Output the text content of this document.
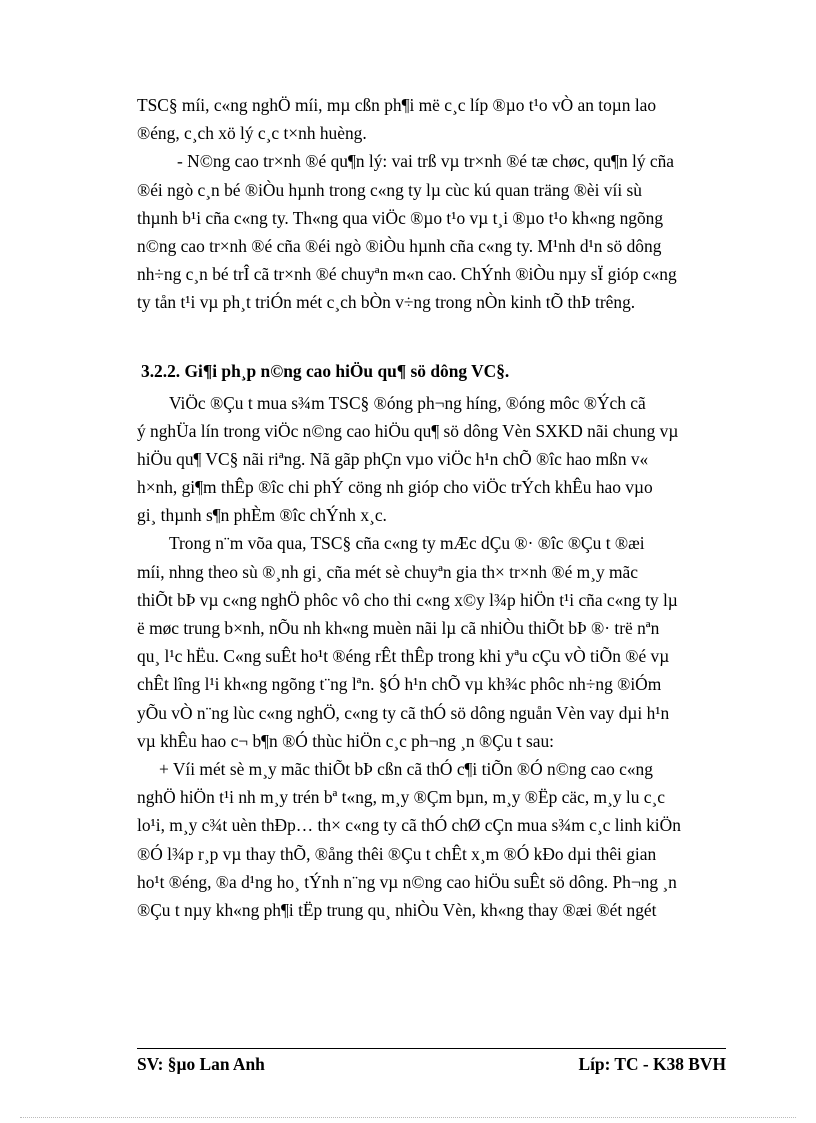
TSC§ míi, c«ng nghÖ míi, mµ cßn ph¶i më c¸c líp ®µo t¹o vÒ an toµn lao
®éng, c¸ch xö lý c¸c t×nh huèng.
- N©ng cao tr×nh ®é qu¶n lý: vai trß vµ tr×nh ®é tæ chøc, qu¶n lý cña
®éi ngò c¸n bé ®iÒu hµnh trong c«ng ty lµ cùc kú quan träng ®èi víi sù
thµnh b¹i cña c«ng ty. Th«ng qua viÖc ®µo t¹o vµ t¸i ®µo t¹o kh«ng ngõng
n©ng cao tr×nh ®é cña ®éi ngò ®iÒu hµnh cña c«ng ty. M¹nh d¹n sö dông
nh÷ng c¸n bé trÎ cã tr×nh ®é chuyªn m«n cao. ChÝnh ®iÒu nµy sÏ gióp c«ng
ty tån t¹i vµ ph¸t triÓn mét c¸ch bÒn v÷ng trong nÒn kinh tÕ thÞ trêng.
3.2.2. Gi¶i ph¸p n©ng cao hiÖu qu¶ sö dông VC§.
ViÖc ®Çu t mua s¾m TSC§ ®óng ph¬ng híng, ®óng môc ®Ých cã
ý nghÜa lín trong viÖc n©ng cao hiÖu qu¶ sö dông Vèn SXKD nãi chung vµ
hiÖu qu¶ VC§ nãi riªng. Nã gãp phÇn vµo viÖc h¹n chÕ ®îc hao mßn v«
h×nh, gi¶m thÊp ®îc chi phÝ cöng nh gióp cho viÖc trÝch khÊu hao vµo
gi¸ thµnh s¶n phÈm ®îc chÝnh x¸c.
Trong n¨m võa qua, TSC§ cña c«ng ty mÆc dÇu ®· ®îc ®Çu t ®æi
míi, nhng theo sù ®¸nh gi¸ cña mét sè chuyªn gia th× tr×nh ®é m¸y mãc
thiÕt bÞ vµ c«ng nghÖ phôc vô cho thi c«ng x©y l¾p hiÖn t¹i cña c«ng ty lµ
ë møc trung b×nh, nÕu nh kh«ng muèn nãi lµ cã nhiÒu thiÕt bÞ ®· trë nªn
qu¸ l¹c hËu. C«ng suÊt ho¹t ®éng rÊt thÊp trong khi yªu cÇu vÒ tiÕn ®é vµ
chÊt lîng l¹i kh«ng ngõng t¨ng lªn. §Ó h¹n chÕ vµ kh¾c phôc nh÷ng ®iÓm
yÕu vÒ n¨ng lùc c«ng nghÖ, c«ng ty cã thÓ sö dông nguån Vèn vay dµi h¹n
vµ khÊu hao c¬ b¶n ®Ó thùc hiÖn c¸c ph¬ng ¸n ®Çu t sau:
+ Víi mét sè m¸y mãc thiÕt bÞ cßn cã thÓ c¶i tiÕn ®Ó n©ng cao c«ng
nghÖ hiÖn t¹i nh m¸y trén bª t«ng, m¸y ®Çm bµn, m¸y ®Ëp cäc, m¸y lu c¸c
lo¹i, m¸y c¾t uèn thÐp… th× c«ng ty cã thÓ chØ cÇn mua s¾m c¸c linh kiÖn
®Ó l¾p r¸p vµ thay thÕ, ®ång thêi ®Çu t chÊt x¸m ®Ó kÐo dµi thêi gian
ho¹t ®éng, ®a d¹ng ho¸ tÝnh n¨ng vµ n©ng cao hiÖu suÊt sö dông. Ph¬ng ¸n
®Çu t nµy kh«ng ph¶i tËp trung qu¸ nhiÒu Vèn, kh«ng thay ®æi ®ét ngét
SV: §µo Lan Anh	Líp: TC - K38 BVH
